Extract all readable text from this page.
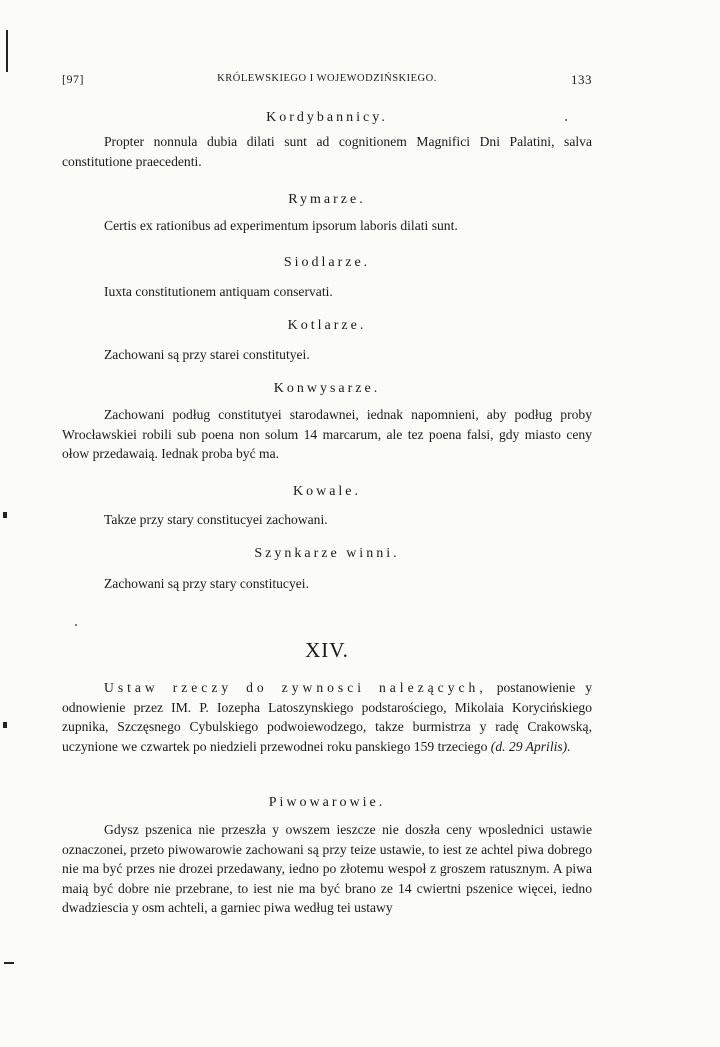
[97]	KRÓLEWSKIEGO I WOJEWODZIŃSKIEGO.	133
Kordybannicy.
Propter nonnula dubia dilati sunt ad cognitionem Magnifici Dni Palatini, salva constitutione praecedenti.
Rymarze.
Certis ex rationibus ad experimentum ipsorum laboris dilati sunt.
Siodlarze.
Iuxta constitutionem antiquam conservati.
Kotlarze.
Zachowani są przy starei constitutyei.
Konwysarze.
Zachowani podług constitutyei starodawnei, iednak napomnieni, aby podług proby Wrocławskiei robili sub poena non solum 14 marcarum, ale tez poena falsi, gdy miasto ceny ołow przedawaią. Iednak proba być ma.
Kowale.
Takze przy stary constitucyei zachowani.
Szynkarze winni.
Zachowani są przy stary constitucyei.
XIV.
Ustaw rzeczy do zywnosci nalezących, postanowienie y odnowienie przez IM. P. Iozepha Latoszynskiego podstarościego, Mikolaia Korycińskiego zupnika, Szczęsnego Cybulskiego podwoiewodzego, takze burmistrza y radę Crakowską, uczynione we czwartek po niedzieli przewodnei roku panskiego 159 trzeciego (d. 29 Aprilis).
Piwowarowie.
Gdysz pszenica nie przeszła y owszem ieszcze nie doszła ceny wposlednici ustawie oznaczonei, przeto piwowarowie zachowani są przy teize ustawie, to iest ze achtel piwa dobrego nie ma być przes nie drozei przedawany, iedno po złotemu wespoł z groszem ratusznym. A piwa maią być dobre nie przebrane, to iest nie ma być brano ze 14 cwiertni pszenice więcei, iedno dwadziescia y osm achteli, a garniec piwa według tei ustawy
